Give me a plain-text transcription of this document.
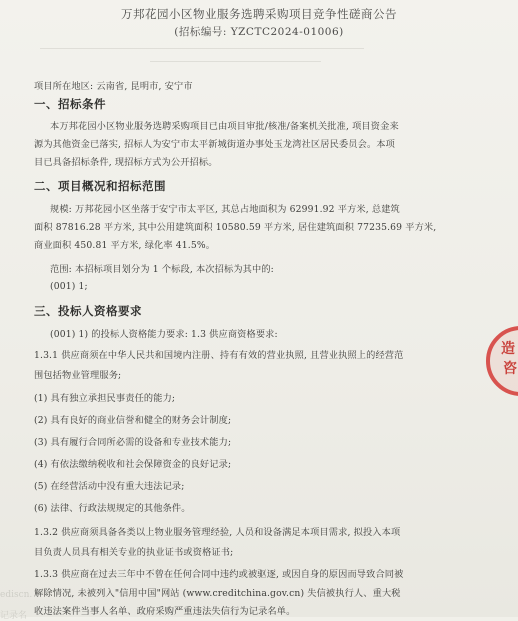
万邦花园小区物业服务选聘采购项目竞争性磋商公告
(招标编号: YZCTC2024-01006)
――――――――――――――――――――――――――――――――――――
―――――――――――――――――――
项目所在地区: 云南省, 昆明市, 安宁市
一、招标条件
本万邦花园小区物业服务选聘采购项目已由项目审批/核准/备案机关批准, 项目资金来
源为其他资金已落实, 招标人为安宁市太平新城街道办事处玉龙湾社区居民委员会。本项
目已具备招标条件, 现招标方式为公开招标。
二、项目概况和招标范围
规模: 万邦花园小区坐落于安宁市太平区, 其总占地面积为 62991.92 平方米, 总建筑
面积 87816.28 平方米, 其中公用建筑面积 10580.59 平方米, 居住建筑面积 77235.69 平方米,
商业面积 450.81 平方米, 绿化率 41.5%。
范围: 本招标项目划分为 1 个标段, 本次招标为其中的:
(001) 1;
三、投标人资格要求
(001) 1) 的投标人资格能力要求: 1.3 供应商资格要求:
1.3.1 供应商须在中华人民共和国境内注册、持有有效的营业执照, 且营业执照上的经营范
围包括物业管理服务;
(1) 具有独立承担民事责任的能力;
(2) 具有良好的商业信誉和健全的财务会计制度;
(3) 具有履行合同所必需的设备和专业技术能力;
(4) 有依法缴纳税收和社会保障资金的良好记录;
(5) 在经营活动中没有重大违法记录;
(6) 法律、行政法规规定的其他条件。
1.3.2 供应商须具备各类以上物业服务管理经验, 人员和设备满足本项目需求, 拟投入本项
目负责人员具有相关专业的执业证书或资格证书;
1.3.3 供应商在过去三年中不曾在任何合同中违约或被驱逐, 或因自身的原因而导致合同被
解除情况, 未被列入"信用中国"网站 (www.creditchina.gov.cn) 失信被执行人、重大税
收违法案件当事人名单、政府采购严重违法失信行为记录名单。
ediscn.
记录名
造
咨
